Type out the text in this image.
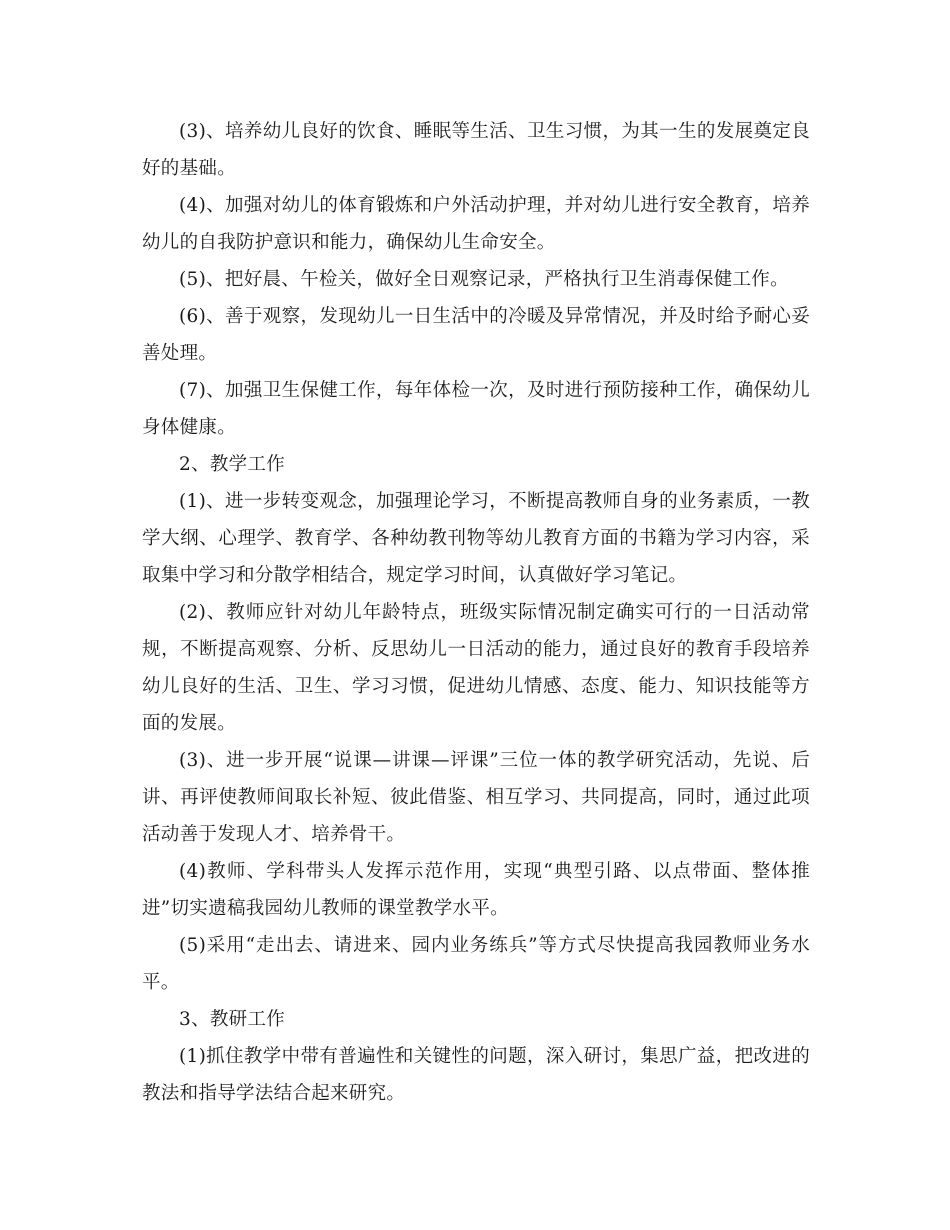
(3)、培养幼儿良好的饮食、睡眠等生活、卫生习惯，为其一生的发展奠定良好的基础。

(4)、加强对幼儿的体育锻炼和户外活动护理，并对幼儿进行安全教育，培养幼儿的自我防护意识和能力，确保幼儿生命安全。

(5)、把好晨、午检关，做好全日观察记录，严格执行卫生消毒保健工作。

(6)、善于观察，发现幼儿一日生活中的冷暖及异常情况，并及时给予耐心妥善处理。

(7)、加强卫生保健工作，每年体检一次，及时进行预防接种工作，确保幼儿身体健康。

2、教学工作

(1)、进一步转变观念，加强理论学习，不断提高教师自身的业务素质，一教学大纲、心理学、教育学、各种幼教刊物等幼儿教育方面的书籍为学习内容，采取集中学习和分散学相结合，规定学习时间，认真做好学习笔记。

(2)、教师应针对幼儿年龄特点，班级实际情况制定确实可行的一日活动常规，不断提高观察、分析、反思幼儿一日活动的能力，通过良好的教育手段培养幼儿良好的生活、卫生、学习习惯，促进幼儿情感、态度、能力、知识技能等方面的发展。

(3)、进一步开展“说课—讲课—评课”三位一体的教学研究活动，先说、后讲、再评使教师间取长补短、彼此借鉴、相互学习、共同提高，同时，通过此项活动善于发现人才、培养骨干。

(4)教师、学科带头人发挥示范作用，实现“典型引路、以点带面、整体推进”切实遗稿我园幼儿教师的课堂教学水平。

(5)采用“走出去、请进来、园内业务练兵”等方式尽快提高我园教师业务水平。

3、教研工作

(1)抓住教学中带有普遍性和关键性的问题，深入研讨，集思广益，把改进的教法和指导学法结合起来研究。
